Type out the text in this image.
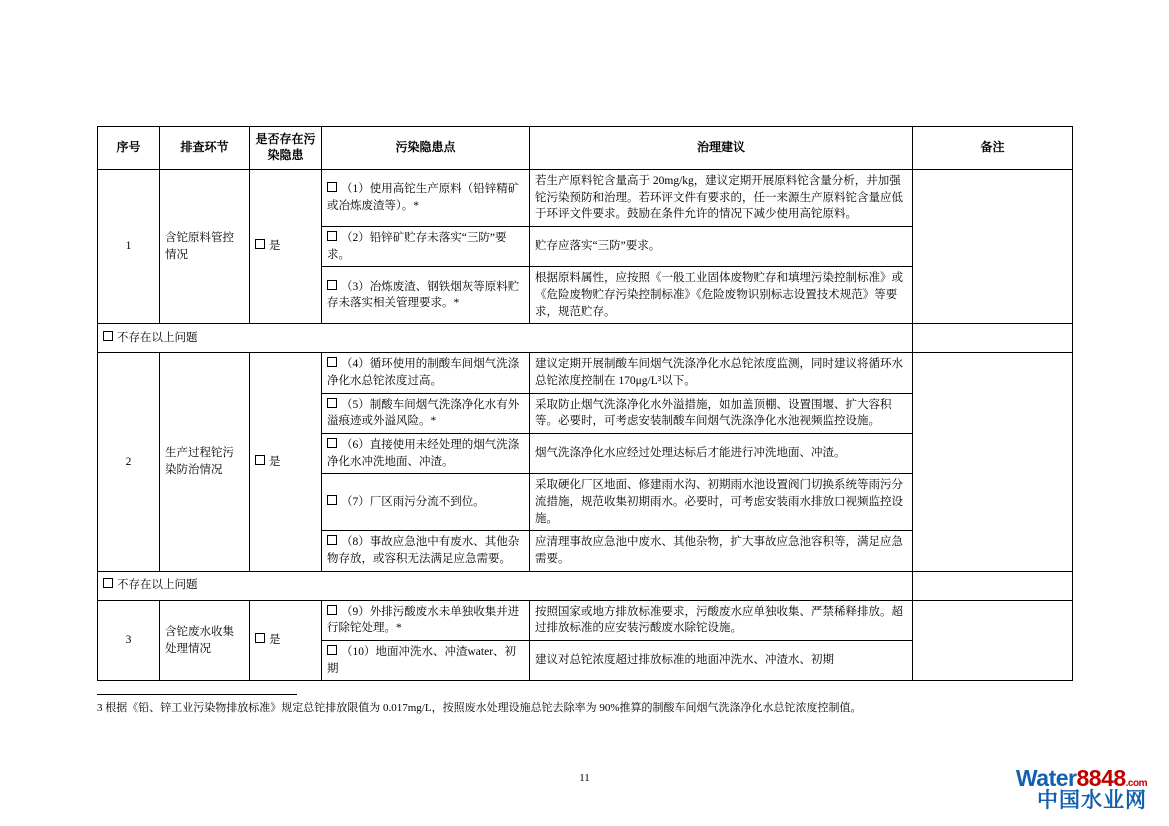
序号	排查环节	是否存在污染隐患	污染隐患点	治理建议	备注
1	含铊原料管控情况	是	（1）使用高铊生产原料（铅锌精矿或冶炼废渣等）。*	若生产原料铊含量高于 20mg/kg，建议定期开展原料铊含量分析，并加强铊污染预防和治理。若环评文件有要求的，任一来源生产原料铊含量应低于环评文件要求。鼓励在条件允许的情况下减少使用高铊原料。	
			（2）铅锌矿贮存未落实“三防”要求。	贮存应落实“三防”要求。	
			（3）冶炼废渣、钢铁烟灰等原料贮存未落实相关管理要求。*	根据原料属性，应按照《一般工业固体废物贮存和填埋污染控制标准》或《危险废物贮存污染控制标准》《危险废物识别标志设置技术规范》等要求，规范贮存。	
不存在以上问题					
2	生产过程铊污染防治情况	是	（4）循环使用的制酸车间烟气洗涤净化水总铊浓度过高。	建议定期开展制酸车间烟气洗涤净化水总铊浓度监测，同时建议将循环水总铊浓度控制在 170μg/L³以下。	
			（5）制酸车间烟气洗涤净化水有外溢痕迹或外溢风险。*	采取防止烟气洗涤净化水外溢措施，如加盖顶棚、设置围堰、扩大容积等。必要时，可考虑安装制酸车间烟气洗涤净化水池视频监控设施。	
			（6）直接使用未经处理的烟气洗涤净化水冲洗地面、冲渣。	烟气洗涤净化水应经过处理达标后才能进行冲洗地面、冲渣。	
			（7）厂区雨污分流不到位。	采取硬化厂区地面、修建雨水沟、初期雨水池设置阀门切换系统等雨污分流措施，规范收集初期雨水。必要时，可考虑安装雨水排放口视频监控设施。	
			（8）事故应急池中有废水、其他杂物存放，或容积无法满足应急需要。	应清理事故应急池中废水、其他杂物，扩大事故应急池容积等，满足应急需要。	
不存在以上问题					
3	含铊废水收集处理情况	是	（9）外排污酸废水未单独收集并进行除铊处理。*	按照国家或地方排放标准要求，污酸废水应单独收集、严禁稀释排放。超过排放标准的应安装污酸废水除铊设施。	
			（10）地面冲洗水、冲渣water、初期	建议对总铊浓度超过排放标准的地面冲洗水、冲渣水、初期	
3 根据《铅、锌工业污染物排放标准》规定总铊排放限值为 0.017mg/L，按照废水处理设施总铊去除率为 90%推算的制酸车间烟气洗涤净化水总铊浓度控制值。
11	Water8848.com
中国水业网
